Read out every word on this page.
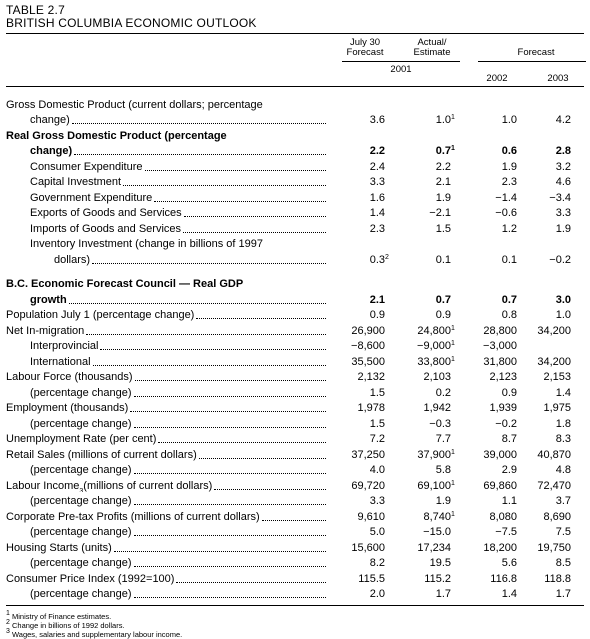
TABLE 2.7
BRITISH COLUMBIA ECONOMIC OUTLOOK
July 30
Forecast
Actual/
Estimate	Forecast
2001
2002	2003
Gross Domestic Product (current dollars; percentage
change)	3.6	$1.0^1$	1.0	4.2
Real Gross Domestic Product (percentage
change)	2.2	$0.7^1$	0.6	2.8
Consumer Expenditure	2.4	2.2	1.9	3.2
Capital Investment	3.3	2.1	2.3	4.6
Government Expenditure	1.6	1.9	−1.4	−3.4
Exports of Goods and Services	1.4	−2.1	−0.6	3.3
Imports of Goods and Services	2.3	1.5	1.2	1.9
Inventory Investment (change in billions of 1997
dollars)	$0.3^2$	0.1	0.1	−0.2
B.C. Economic Forecast Council — Real GDP
growth	2.1	0.7	0.7	3.0
Population July 1 (percentage change)	0.9	0.9	0.8	1.0
Net In-migration	26,900	24,800$^1$	28,800	34,200
Interprovincial	−8,600	$-9,000^1$	−3,000
International	35,500	33,800$^1$	31,800	34,200
Labour Force (thousands)	2,132	2,103	2,123	2,153
(percentage change)	1.5	0.2	0.9	1.4
Employment (thousands)	1,978	1,942	1,939	1,975
(percentage change)	1.5	−0.3	−0.2	1.8
Unemployment Rate (per cent)	7.2	7.7	8.7	8.3
Retail Sales (millions of current dollars)	37,250	37,900$^1$	39,000	40,870
(percentage change)	4.0	5.8	2.9	4.8
Labour Income 3 (millions of current dollars)	69,720	69,100$^1$	69,860	72,470
(percentage change)	3.3	1.9	1.1	3.7
Corporate Pre-tax Profits (millions of current dollars)	9,610	8,740$^1$	8,080	8,690
(percentage change)	5.0	−15.0	−7.5	7.5
Housing Starts (units)	15,600	17,234	18,200	19,750
(percentage change)	8.2	19.5	5.6	8.5
Consumer Price Index (1992=100)	115.5	115.2	116.8	118.8
(percentage change)	2.0	1.7	1.4	1.7
$^1$ Ministry of Finance estimates.
$^2$ Change in billions of 1992 dollars.
$^3$ Wages, salaries and supplementary labour income.
